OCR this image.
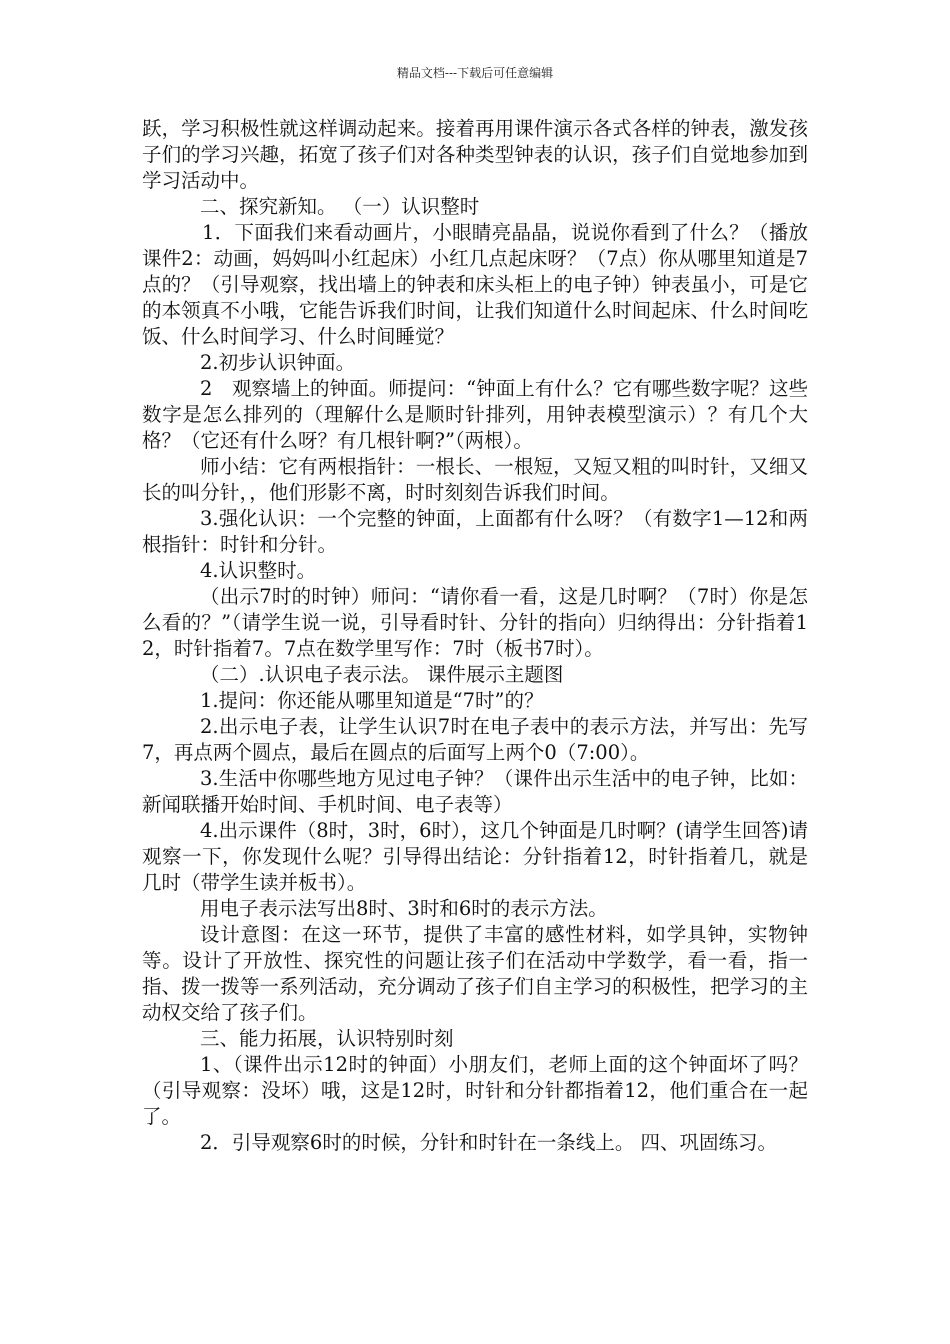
精品文档---下载后可任意编辑

跃，学习积极性就这样调动起来。接着再用课件演示各式各样的钟表，激发孩子们的学习兴趣，拓宽了孩子们对各种类型钟表的认识，孩子们自觉地参加到学习活动中。

二、探究新知。 （一）认识整时

1．下面我们来看动画片，小眼睛亮晶晶，说说你看到了什么？（播放课件2：动画，妈妈叫小红起床）小红几点起床呀？（7点）你从哪里知道是7点的？（引导观察，找出墙上的钟表和床头柜上的电子钟）钟表虽小，可是它的本领真不小哦，它能告诉我们时间，让我们知道什么时间起床、什么时间吃饭、什么时间学习、什么时间睡觉？

2.初步认识钟面。

2　观察墙上的钟面。师提问：“钟面上有什么？它有哪些数字呢？这些数字是怎么排列的（理解什么是顺时针排列，用钟表模型演示）？有几个大格？（它还有什么呀？有几根针啊?”（两根）。

师小结：它有两根指针：一根长、一根短，又短又粗的叫时针，又细又长的叫分针，，他们形影不离，时时刻刻告诉我们时间。

3.强化认识：一个完整的钟面，上面都有什么呀？（有数字1—12和两根指针：时针和分针。

4.认识整时。

（出示7时的时钟）师问：“请你看一看，这是几时啊？（7时）你是怎么看的？”（请学生说一说，引导看时针、分针的指向）归纳得出：分针指着12，时针指着7。7点在数学里写作：7时（板书7时）。

（二）.认识电子表示法。 课件展示主题图

1.提问：你还能从哪里知道是“7时”的？

2.出示电子表，让学生认识7时在电子表中的表示方法，并写出：先写7，再点两个圆点，最后在圆点的后面写上两个0（7:00）。

3.生活中你哪些地方见过电子钟？（课件出示生活中的电子钟，比如：新闻联播开始时间、手机时间、电子表等）

4.出示课件（8时，3时，6时），这几个钟面是几时啊？(请学生回答)请观察一下，你发现什么呢？引导得出结论：分针指着12，时针指着几，就是几时（带学生读并板书）。

用电子表示法写出8时、3时和6时的表示方法。

设计意图：在这一环节，提供了丰富的感性材料，如学具钟，实物钟等。设计了开放性、探究性的问题让孩子们在活动中学数学，看一看，指一指、拨一拨等一系列活动，充分调动了孩子们自主学习的积极性，把学习的主动权交给了孩子们。

三、能力拓展，认识特别时刻

1、（课件出示12时的钟面）小朋友们，老师上面的这个钟面坏了吗？（引导观察：没坏）哦，这是12时，时针和分针都指着12，他们重合在一起了。

2．引导观察6时的时候，分针和时针在一条线上。 四、巩固练习。
